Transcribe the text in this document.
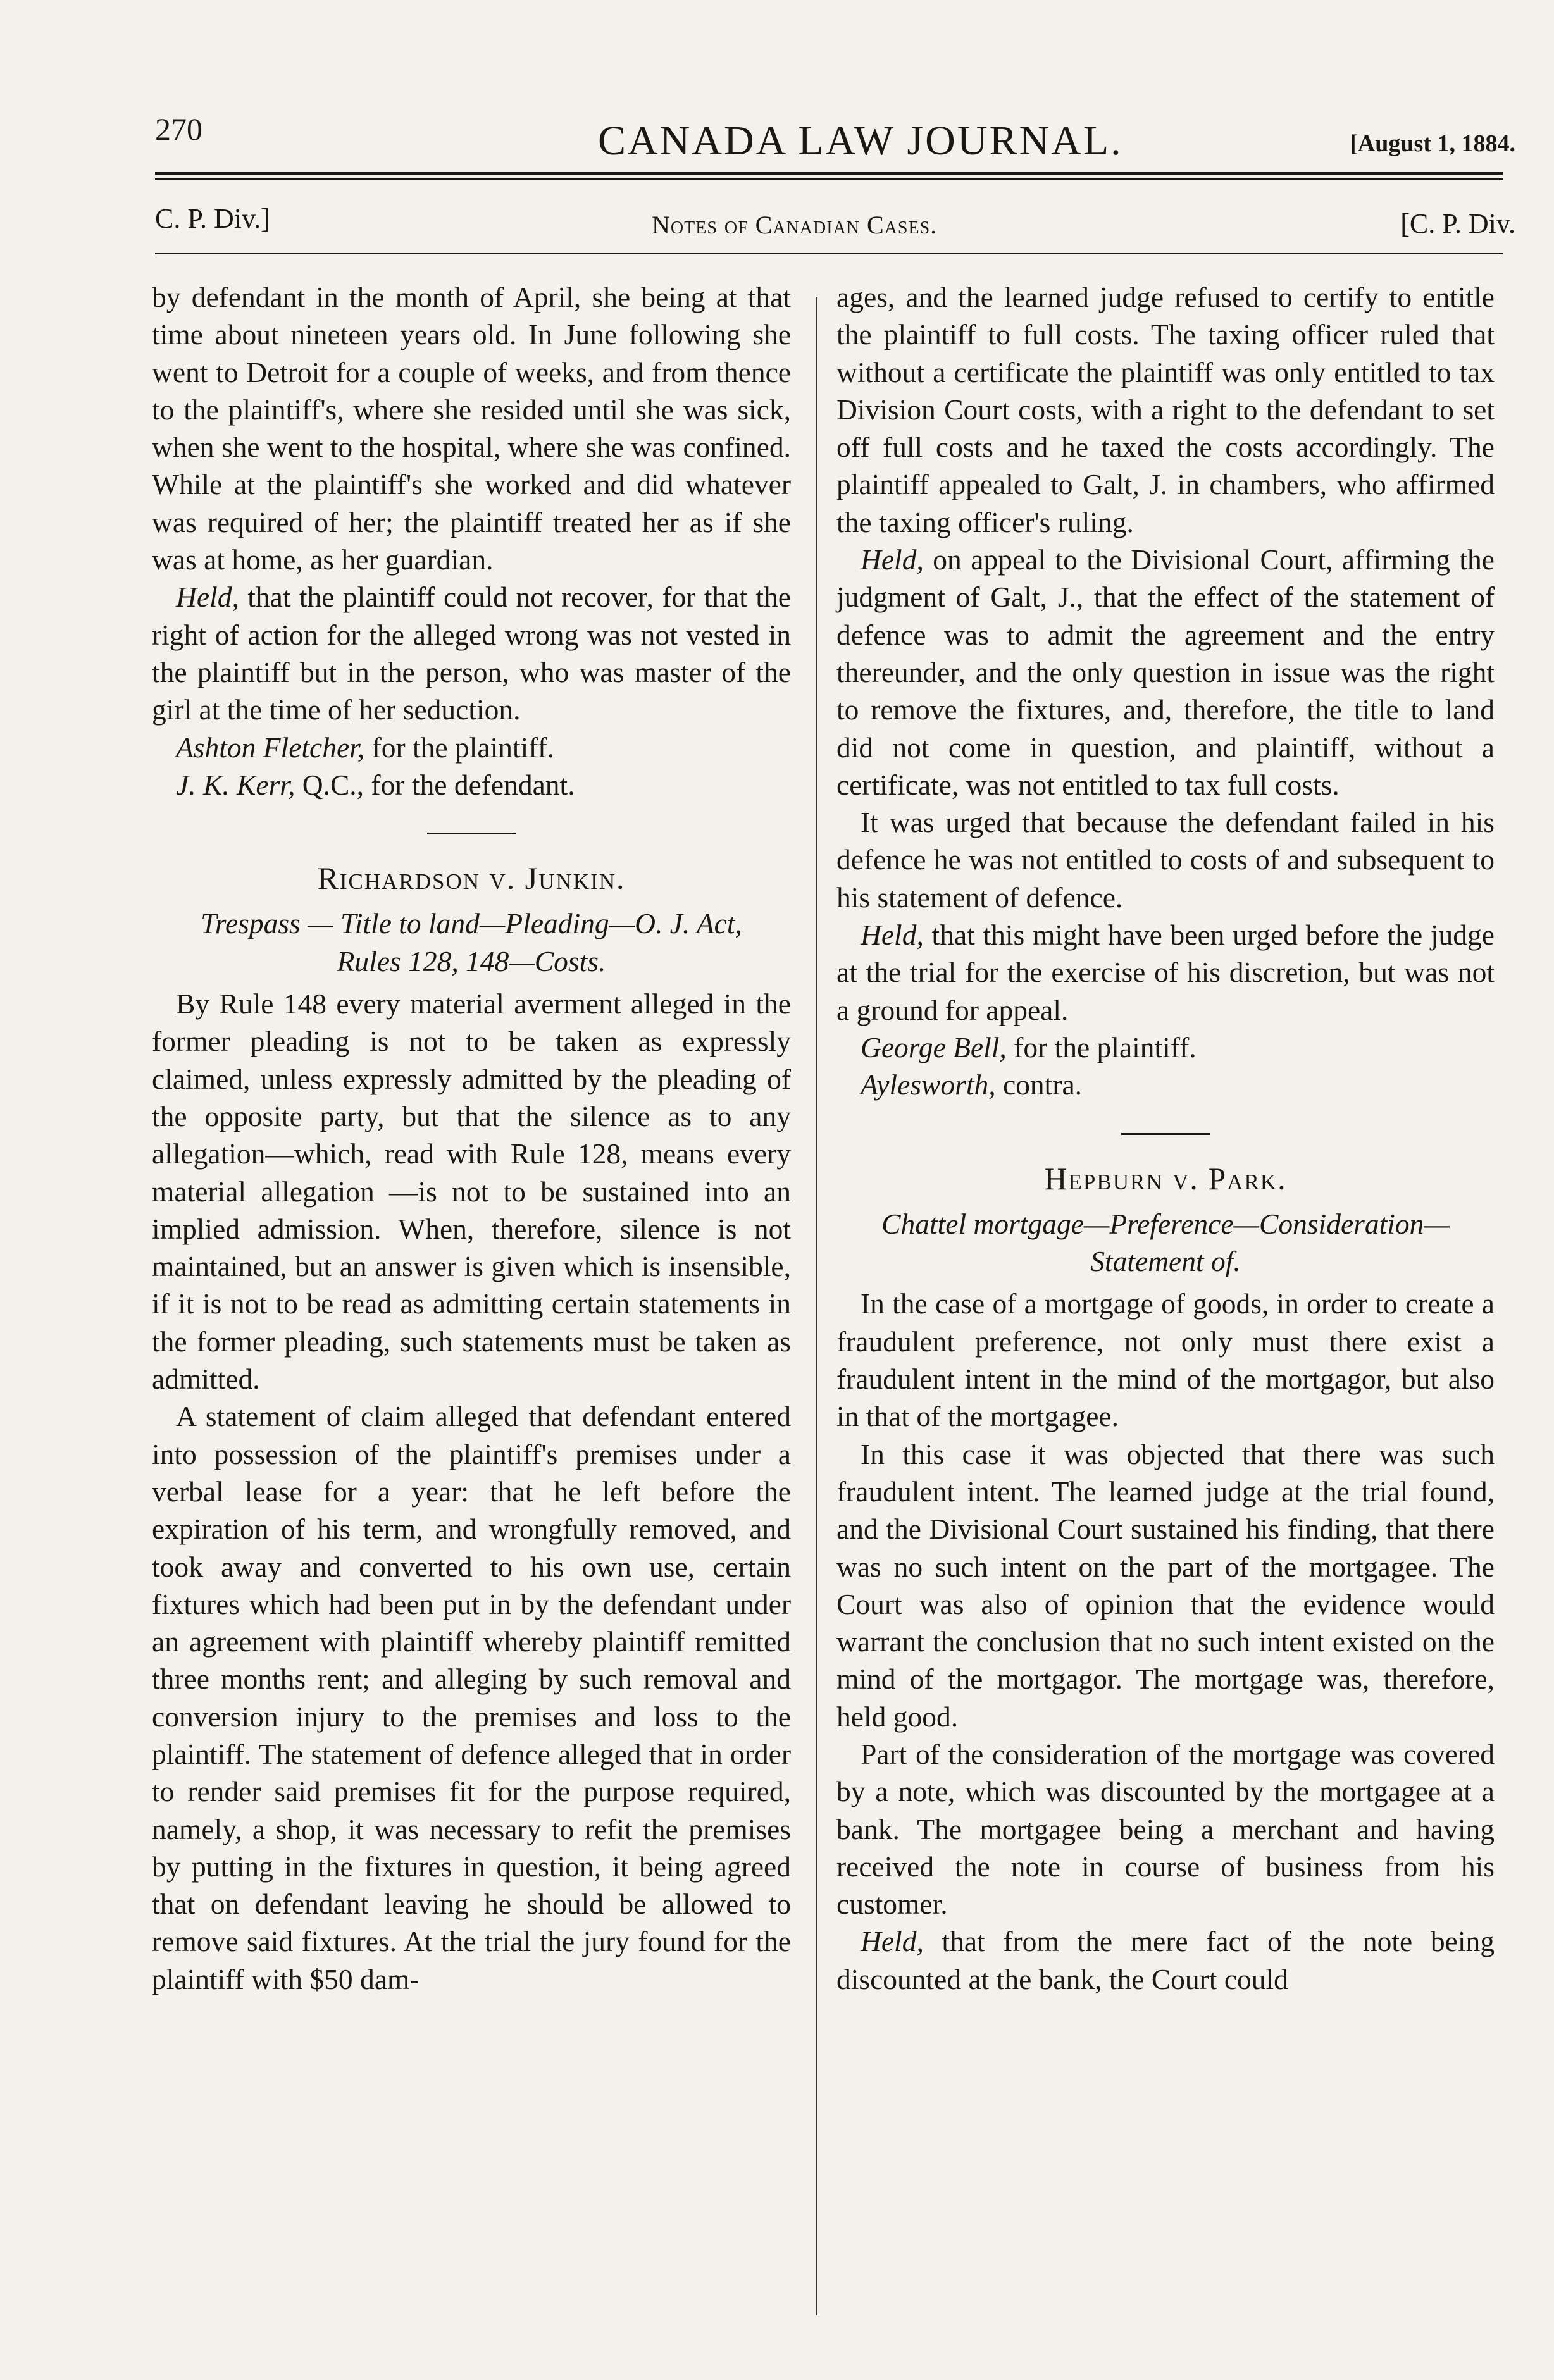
270	CANADA LAW JOURNAL.	[August 1, 1884.
C. P. Div.]	Notes of Canadian Cases.	[C. P. Div.

by defendant in the month of April, she being at that time about nineteen years old. In June following she went to Detroit for a couple of weeks, and from thence to the plaintiff's, where she resided until she was sick, when she went to the hospital, where she was confined. While at the plaintiff's she worked and did whatever was required of her; the plaintiff treated her as if she was at home, as her guardian.

Held, that the plaintiff could not recover, for that the right of action for the alleged wrong was not vested in the plaintiff but in the person, who was master of the girl at the time of her seduction.

Ashton Fletcher, for the plaintiff.

J. K. Kerr, Q.C., for the defendant.

Richardson v. Junkin.

Trespass — Title to land—Pleading—O. J. Act,
Rules 128, 148—Costs.

By Rule 148 every material averment alleged in the former pleading is not to be taken as expressly claimed, unless expressly admitted by the pleading of the opposite party, but that the silence as to any allegation—which, read with Rule 128, means every material allegation —is not to be sustained into an implied admission. When, therefore, silence is not maintained, but an answer is given which is insensible, if it is not to be read as admitting certain statements in the former pleading, such statements must be taken as admitted.

A statement of claim alleged that defendant entered into possession of the plaintiff's premises under a verbal lease for a year: that he left before the expiration of his term, and wrongfully removed, and took away and converted to his own use, certain fixtures which had been put in by the defendant under an agreement with plaintiff whereby plaintiff remitted three months rent; and alleging by such removal and conversion injury to the premises and loss to the plaintiff. The statement of defence alleged that in order to render said premises fit for the purpose required, namely, a shop, it was necessary to refit the premises by putting in the fixtures in question, it being agreed that on defendant leaving he should be allowed to remove said fixtures. At the trial the jury found for the plaintiff with $50 dam-

ages, and the learned judge refused to certify to entitle the plaintiff to full costs. The taxing officer ruled that without a certificate the plaintiff was only entitled to tax Division Court costs, with a right to the defendant to set off full costs and he taxed the costs accordingly. The plaintiff appealed to Galt, J. in chambers, who affirmed the taxing officer's ruling.

Held, on appeal to the Divisional Court, affirming the judgment of Galt, J., that the effect of the statement of defence was to admit the agreement and the entry thereunder, and the only question in issue was the right to remove the fixtures, and, therefore, the title to land did not come in question, and plaintiff, without a certificate, was not entitled to tax full costs.

It was urged that because the defendant failed in his defence he was not entitled to costs of and subsequent to his statement of defence.

Held, that this might have been urged before the judge at the trial for the exercise of his discretion, but was not a ground for appeal.

George Bell, for the plaintiff.

Aylesworth, contra.

Hepburn v. Park.

Chattel mortgage—Preference—Consideration—
Statement of.

In the case of a mortgage of goods, in order to create a fraudulent preference, not only must there exist a fraudulent intent in the mind of the mortgagor, but also in that of the mortgagee.

In this case it was objected that there was such fraudulent intent. The learned judge at the trial found, and the Divisional Court sustained his finding, that there was no such intent on the part of the mortgagee. The Court was also of opinion that the evidence would warrant the conclusion that no such intent existed on the mind of the mortgagor. The mortgage was, therefore, held good.

Part of the consideration of the mortgage was covered by a note, which was discounted by the mortgagee at a bank. The mortgagee being a merchant and having received the note in course of business from his customer.

Held, that from the mere fact of the note being discounted at the bank, the Court could
